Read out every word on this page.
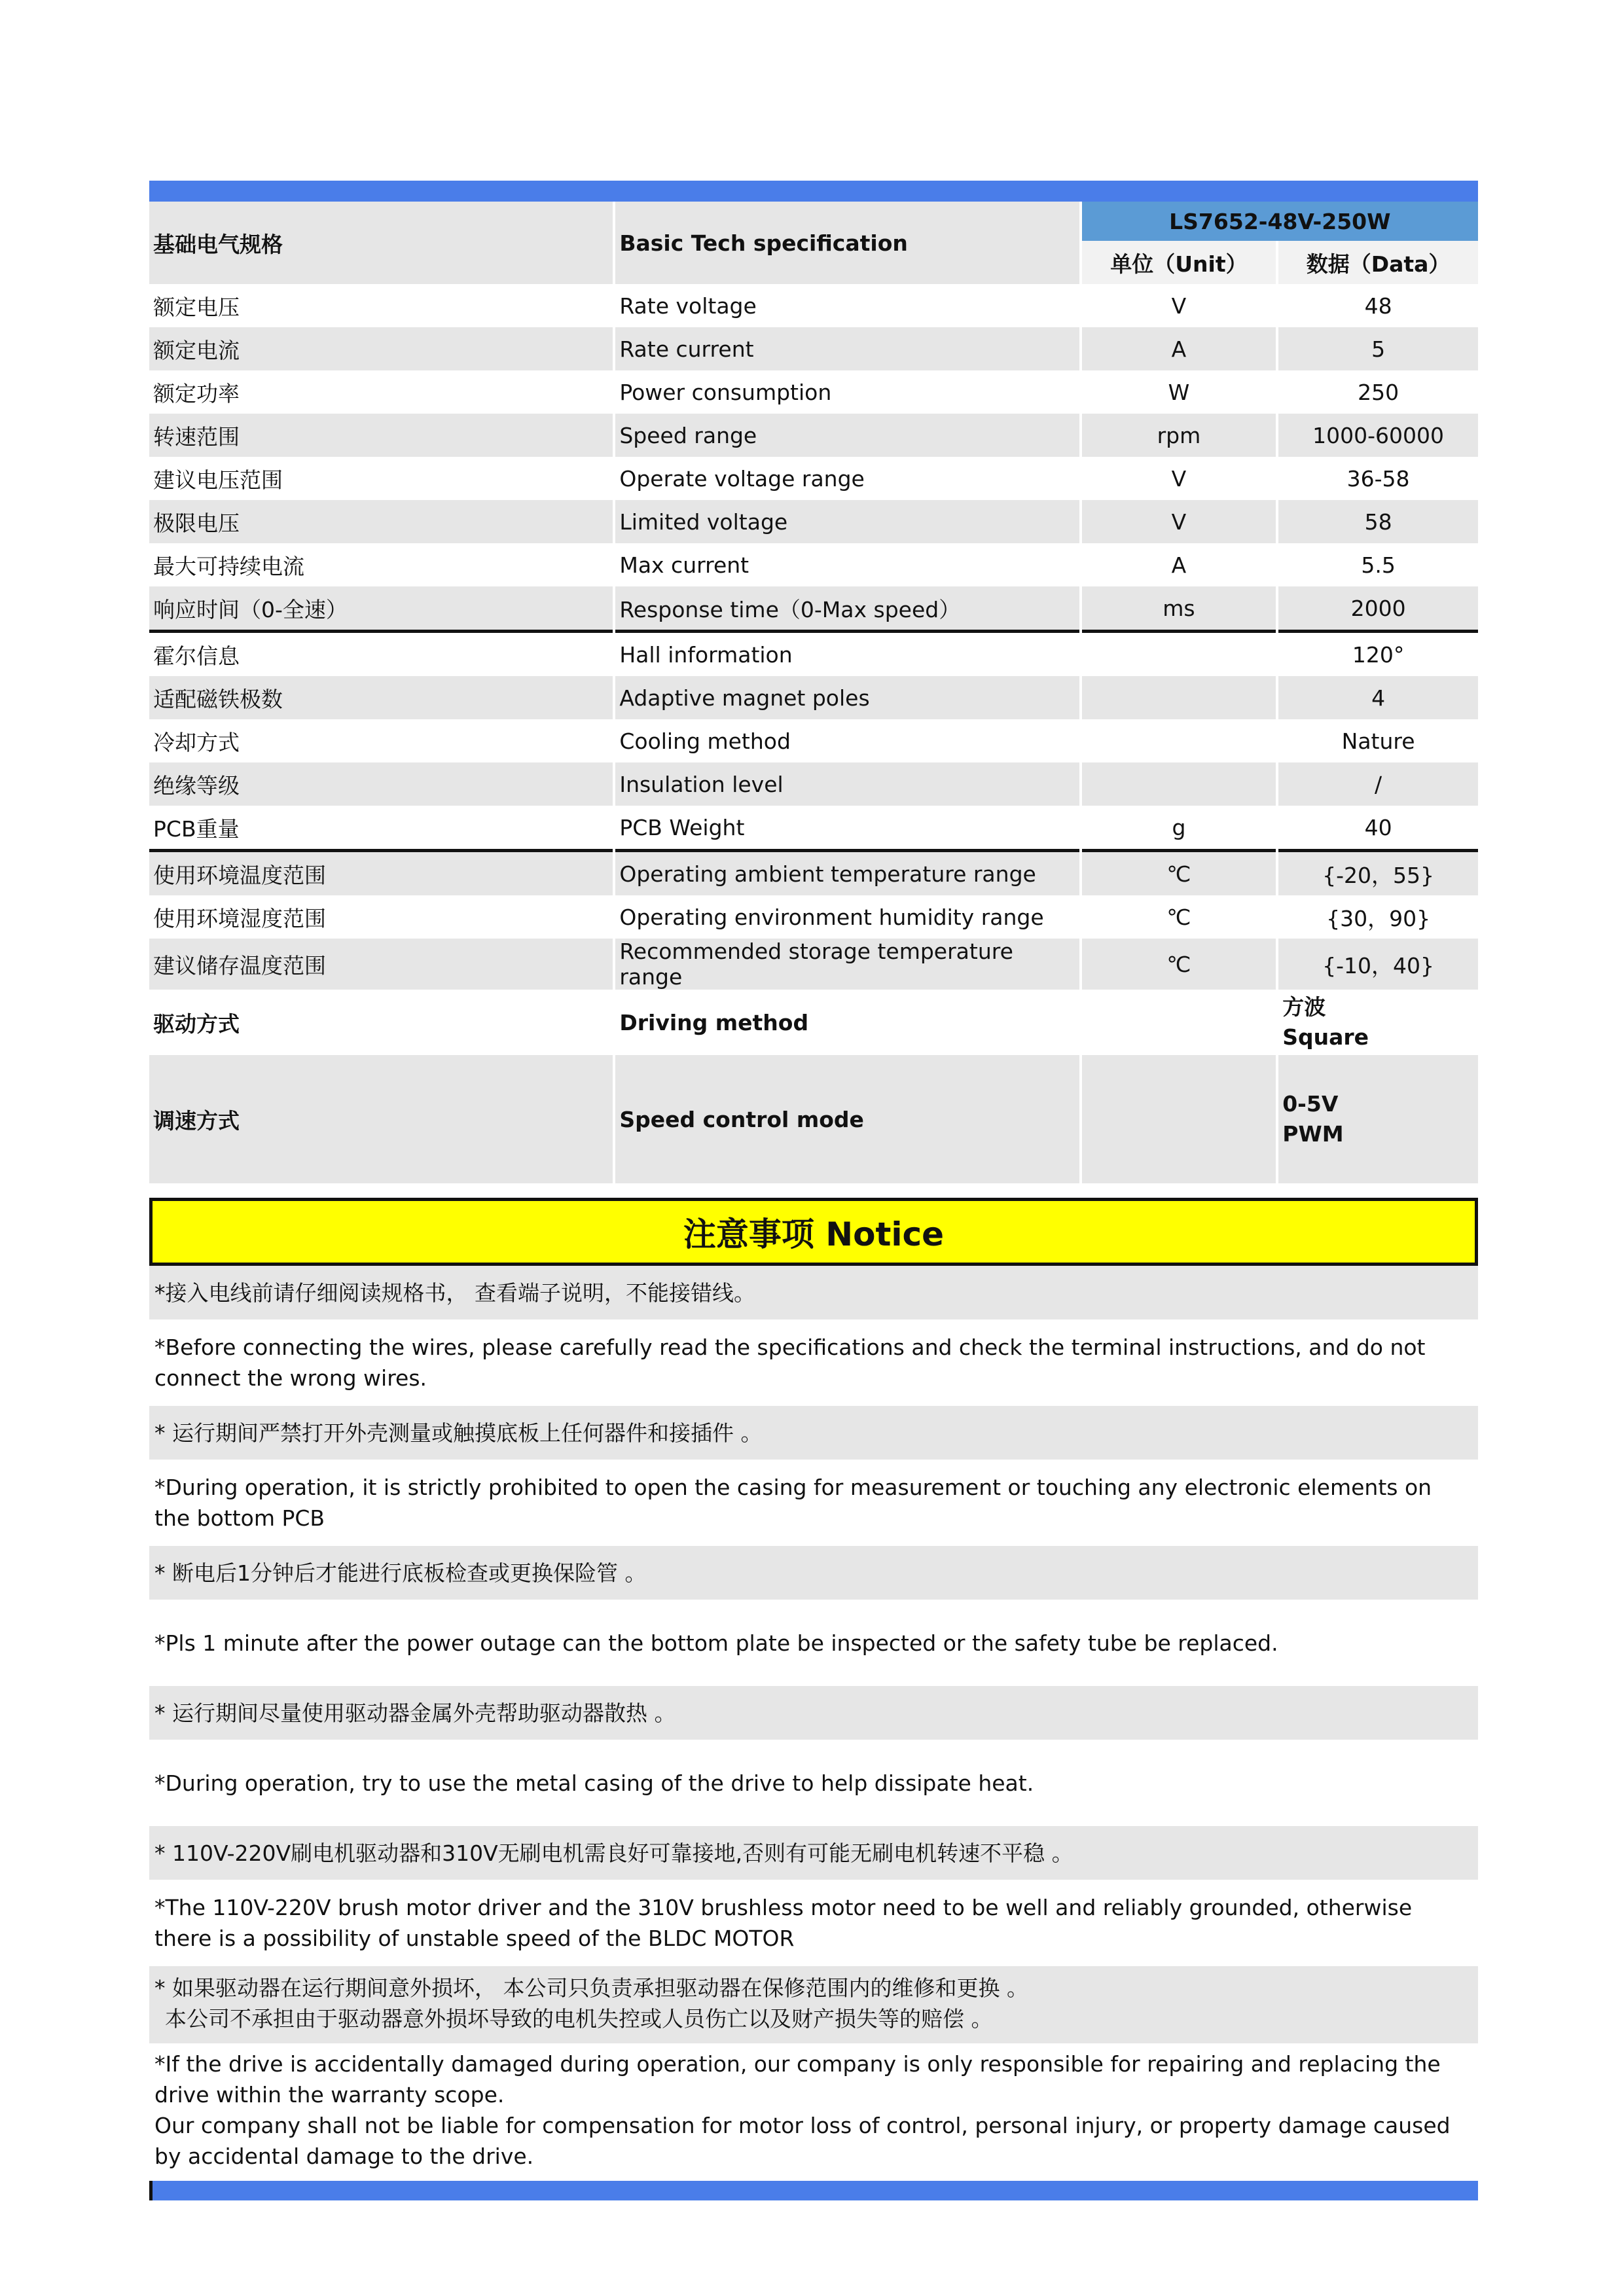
基础电气规格	Basic Tech specification	LS7652-48V-250W	
		单位（Unit）	数据（Data）
额定电压	Rate voltage	V	48
额定电流	Rate current	A	5
额定功率	Power consumption	W	250
转速范围	Speed range	rpm	1000-60000
建议电压范围	Operate voltage range	V	36-58
极限电压	Limited voltage	V	58
最大可持续电流	Max current	A	5.5
响应时间（0-全速）	Response time（0-Max speed）	ms	2000
霍尔信息	Hall information		120°
适配磁铁极数	Adaptive magnet poles		4
冷却方式	Cooling method		Nature
绝缘等级	Insulation level		/
PCB重量	PCB Weight	g	40
使用环境温度范围	Operating ambient temperature range	℃	{-20，55}
使用环境湿度范围	Operating environment humidity range	℃	{30，90}
建议储存温度范围	Recommended storage temperature range	℃	{-10，40}
驱动方式	Driving method		方波
Square
调速方式	Speed control mode		0-5V
PWM
注意事项 Notice
*接入电线前请仔细阅读规格书， 查看端子说明，不能接错线。
*Before connecting the wires, please carefully read the specifications and check the terminal instructions, and do not connect the wrong wires.
* 运行期间严禁打开外壳测量或触摸底板上任何器件和接插件 。
*During operation, it is strictly prohibited to open the casing for measurement or touching any electronic elements on the bottom PCB
* 断电后1分钟后才能进行底板检查或更换保险管 。
*Pls 1 minute after the power outage can the bottom plate be inspected or the safety tube be replaced.
* 运行期间尽量使用驱动器金属外壳帮助驱动器散热 。
*During operation, try to use the metal casing of the drive to help dissipate heat.
* 110V-220V刷电机驱动器和310V无刷电机需良好可靠接地,否则有可能无刷电机转速不平稳 。
*The 110V-220V brush motor driver and the 310V brushless motor need to be well and reliably grounded, otherwise there is a possibility of unstable speed of the BLDC MOTOR
* 如果驱动器在运行期间意外损坏， 本公司只负责承担驱动器在保修范围内的维修和更换 。
本公司不承担由于驱动器意外损坏导致的电机失控或人员伤亡以及财产损失等的赔偿 。
*If the drive is accidentally damaged during operation, our company is only responsible for repairing and replacing the drive within the warranty scope.
Our company shall not be liable for compensation for motor loss of control, personal injury, or property damage caused by accidental damage to the drive.
